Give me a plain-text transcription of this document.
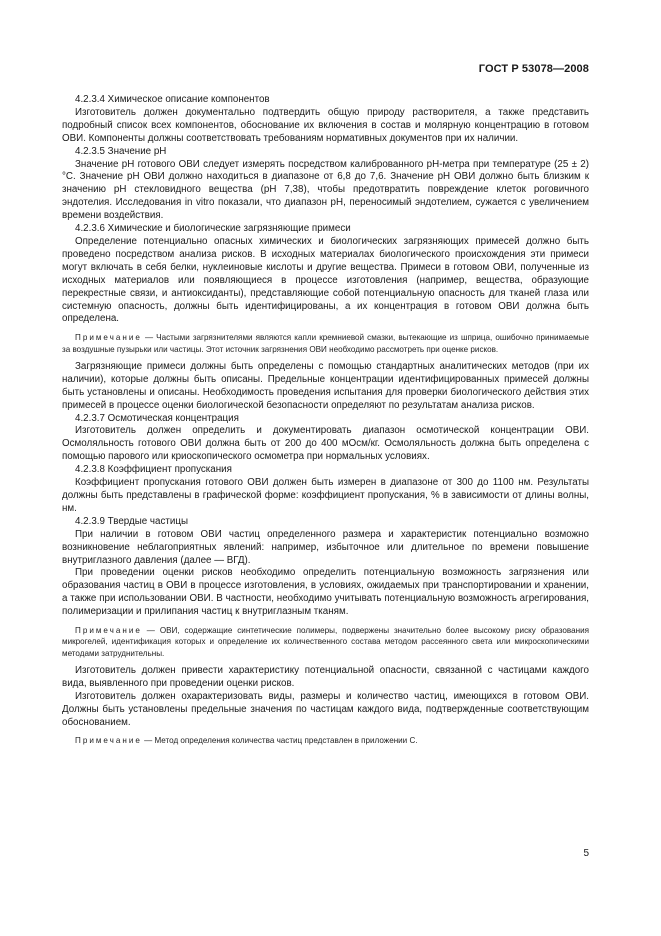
ГОСТ Р 53078—2008

4.2.3.4 Химическое описание компонентов

Изготовитель должен документально подтвердить общую природу растворителя, а также представить подробный список всех компонентов, обоснование их включения в состав и молярную концентрацию в готовом ОВИ. Компоненты должны соответствовать требованиям нормативных документов при их наличии.

4.2.3.5 Значение pH

Значение pH готового ОВИ следует измерять посредством калиброванного pH-метра при температуре (25 ± 2) °С. Значение pH ОВИ должно находиться в диапазоне от 6,8 до 7,6. Значение pH ОВИ должно быть близким к значению pH стекловидного вещества (pH 7,38), чтобы предотвратить повреждение клеток роговичного эндотелия. Исследования in vitro показали, что диапазон pH, переносимый эндотелием, сужается с увеличением времени воздействия.

4.2.3.6 Химические и биологические загрязняющие примеси

Определение потенциально опасных химических и биологических загрязняющих примесей должно быть проведено посредством анализа рисков. В исходных материалах биологического происхождения эти примеси могут включать в себя белки, нуклеиновые кислоты и другие вещества. Примеси в готовом ОВИ, полученные из исходных материалов или появляющиеся в процессе изготовления (например, вещества, образующие перекрестные связи, и антиоксиданты), представляющие собой потенциальную опасность для тканей глаза или системную опасность, должны быть идентифицированы, а их концентрация в готовом ОВИ должна быть определена.

Примечание — Частыми загрязнителями являются капли кремниевой смазки, вытекающие из шприца, ошибочно принимаемые за воздушные пузырьки или частицы. Этот источник загрязнения ОВИ необходимо рассмотреть при оценке рисков.

Загрязняющие примеси должны быть определены с помощью стандартных аналитических методов (при их наличии), которые должны быть описаны. Предельные концентрации идентифицированных примесей должны быть установлены и описаны. Необходимость проведения испытания для проверки биологического действия этих примесей в процессе оценки биологической безопасности определяют по результатам анализа рисков.

4.2.3.7 Осмотическая концентрация

Изготовитель должен определить и документировать диапазон осмотической концентрации ОВИ. Осмоляльность готового ОВИ должна быть от 200 до 400 мОсм/кг. Осмоляльность должна быть определена с помощью парового или криоскопического осмометра при нормальных условиях.

4.2.3.8 Коэффициент пропускания

Коэффициент пропускания готового ОВИ должен быть измерен в диапазоне от 300 до 1100 нм. Результаты должны быть представлены в графической форме: коэффициент пропускания, % в зависимости от длины волны, нм.

4.2.3.9 Твердые частицы

При наличии в готовом ОВИ частиц определенного размера и характеристик потенциально возможно возникновение неблагоприятных явлений: например, избыточное или длительное по времени повышение внутриглазного давления (далее — ВГД).

При проведении оценки рисков необходимо определить потенциальную возможность загрязнения или образования частиц в ОВИ в процессе изготовления, в условиях, ожидаемых при транспортировании и хранении, а также при использовании ОВИ. В частности, необходимо учитывать потенциальную возможность агрегирования, полимеризации и прилипания частиц к внутриглазным тканям.

Примечание — ОВИ, содержащие синтетические полимеры, подвержены значительно более высокому риску образования микрогелей, идентификация которых и определение их количественного состава методом рассеянного света или микроскопическими методами затруднительны.

Изготовитель должен привести характеристику потенциальной опасности, связанной с частицами каждого вида, выявленного при проведении оценки рисков.

Изготовитель должен охарактеризовать виды, размеры и количество частиц, имеющихся в готовом ОВИ. Должны быть установлены предельные значения по частицам каждого вида, подтвержденные соответствующим обоснованием.

Примечание — Метод определения количества частиц представлен в приложении С.

5
